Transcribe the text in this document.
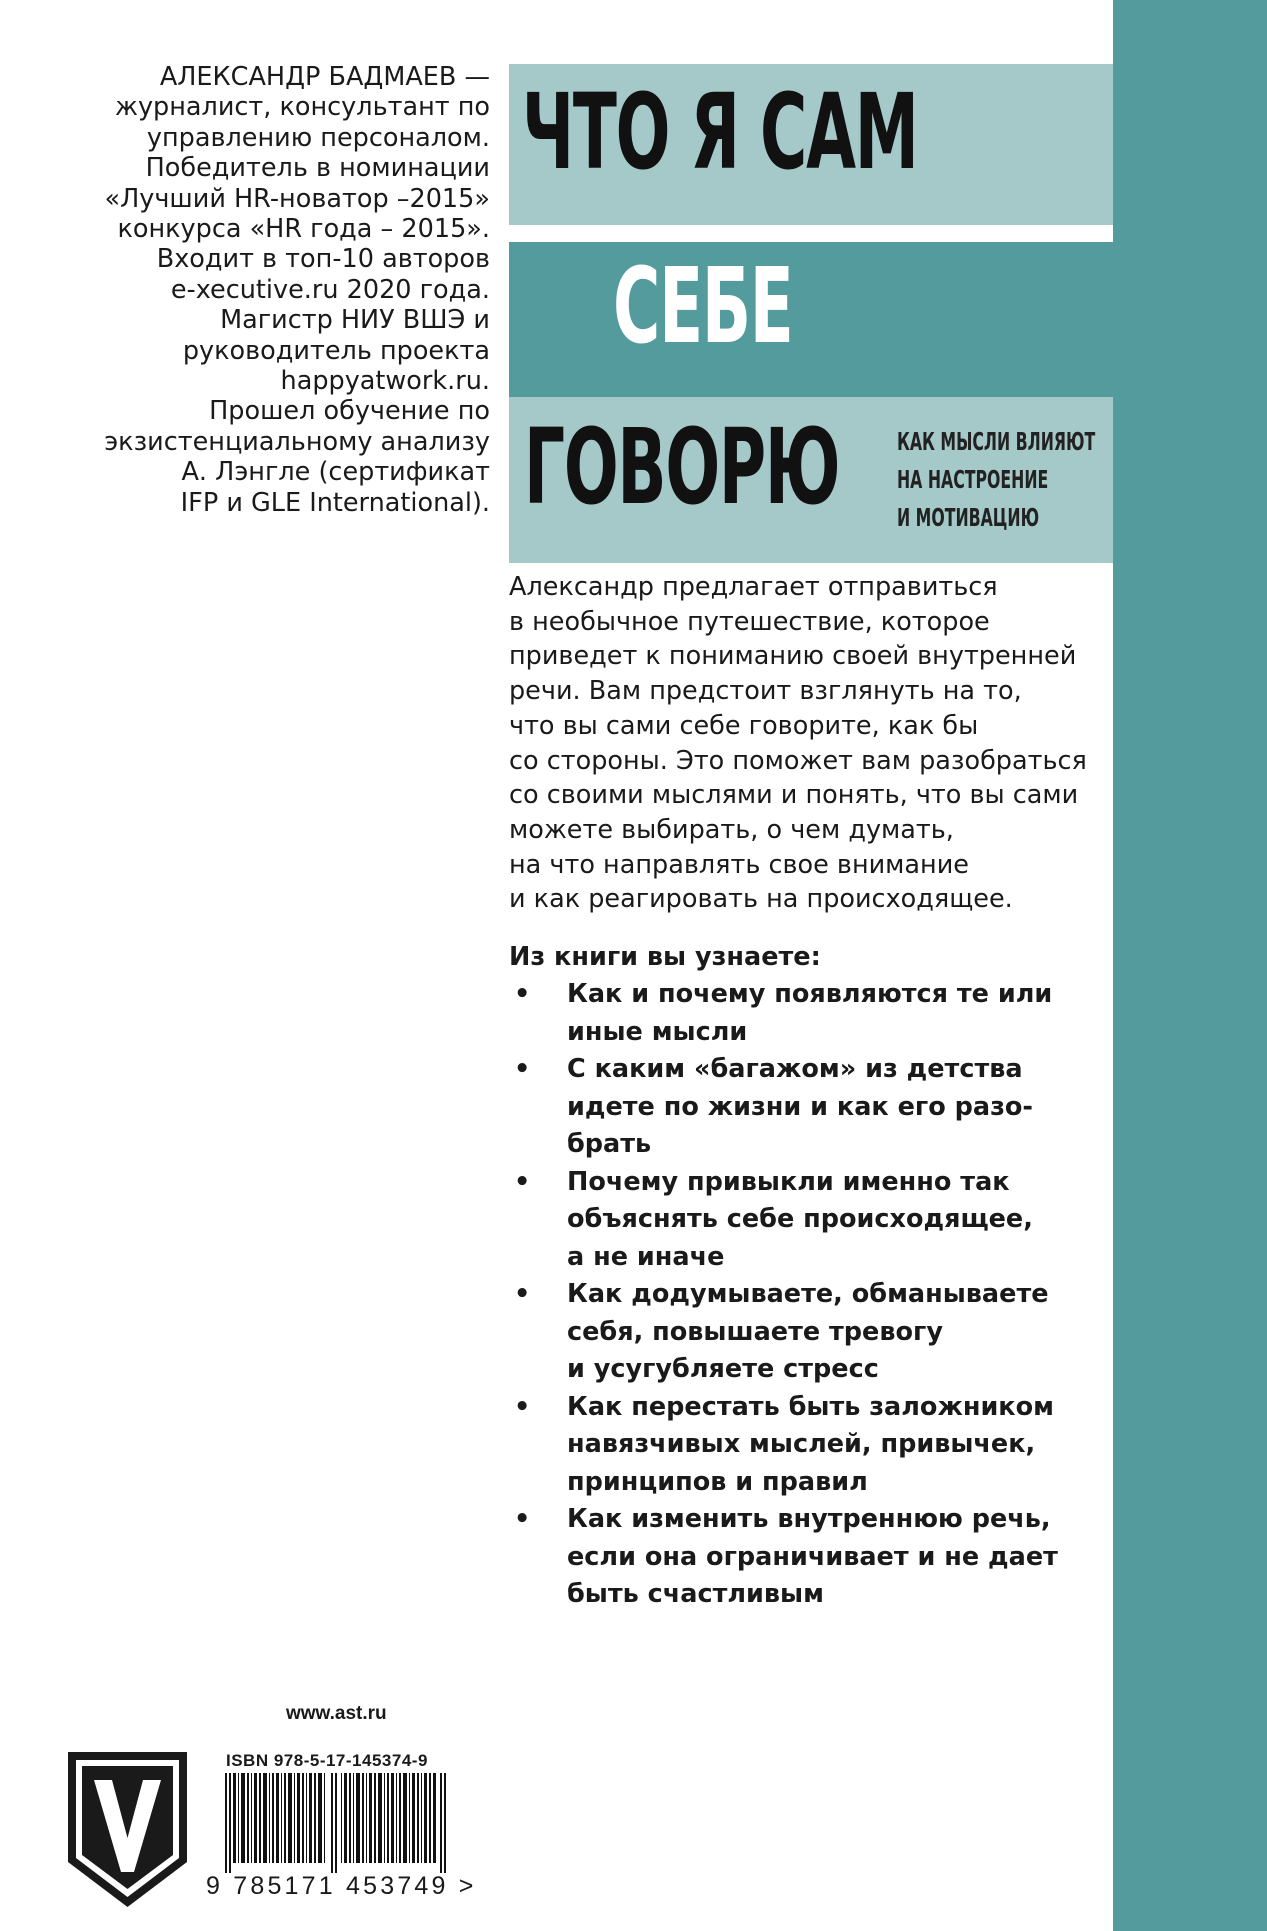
ЧТО Я САМ
СЕБЕ
ГОВОРЮ КАК МЫСЛИ ВЛИЯЮТ
НА НАСТРОЕНИЕ
И МОТИВАЦИЮ
АЛЕКСАНДР БАДМАЕВ —
журналист, консультант по
управлению персоналом.
Победитель в номинации
«Лучший HR-новатор –2015»
конкурса «HR года – 2015».
Входит в топ-10 авторов
e-xecutive.ru 2020 года.
Магистр НИУ ВШЭ и
руководитель проекта
happyatwork.ru.
Прошел обучение по
экзистенциальному анализу
А. Лэнгле (сертификат
IFP и GLE International).
Александр предлагает отправиться
в необычное путешествие, которое
приведет к пониманию своей внутренней
речи. Вам предстоит взглянуть на то,
что вы сами себе говорите, как бы
со стороны. Это поможет вам разобраться
со своими мыслями и понять, что вы сами
можете выбирать, о чем думать,
на что направлять свое внимание
и как реагировать на происходящее.
Из книги вы узнаете:
• Как и почему появляются те или
иные мысли
• С каким «багажом» из детства
идете по жизни и как его разо-
брать
• Почему привыкли именно так
объяснять себе происходящее,
а не иначе
• Как додумываете, обманываете
себя, повышаете тревогу
и усугубляете стресс
• Как перестать быть заложником
навязчивых мыслей, привычек,
принципов и правил
• Как изменить внутреннюю речь,
если она ограничивает и не дает
быть счастливым
www.ast.ru
ISBN 978-5-17-145374-9
9 785171 453749 >
